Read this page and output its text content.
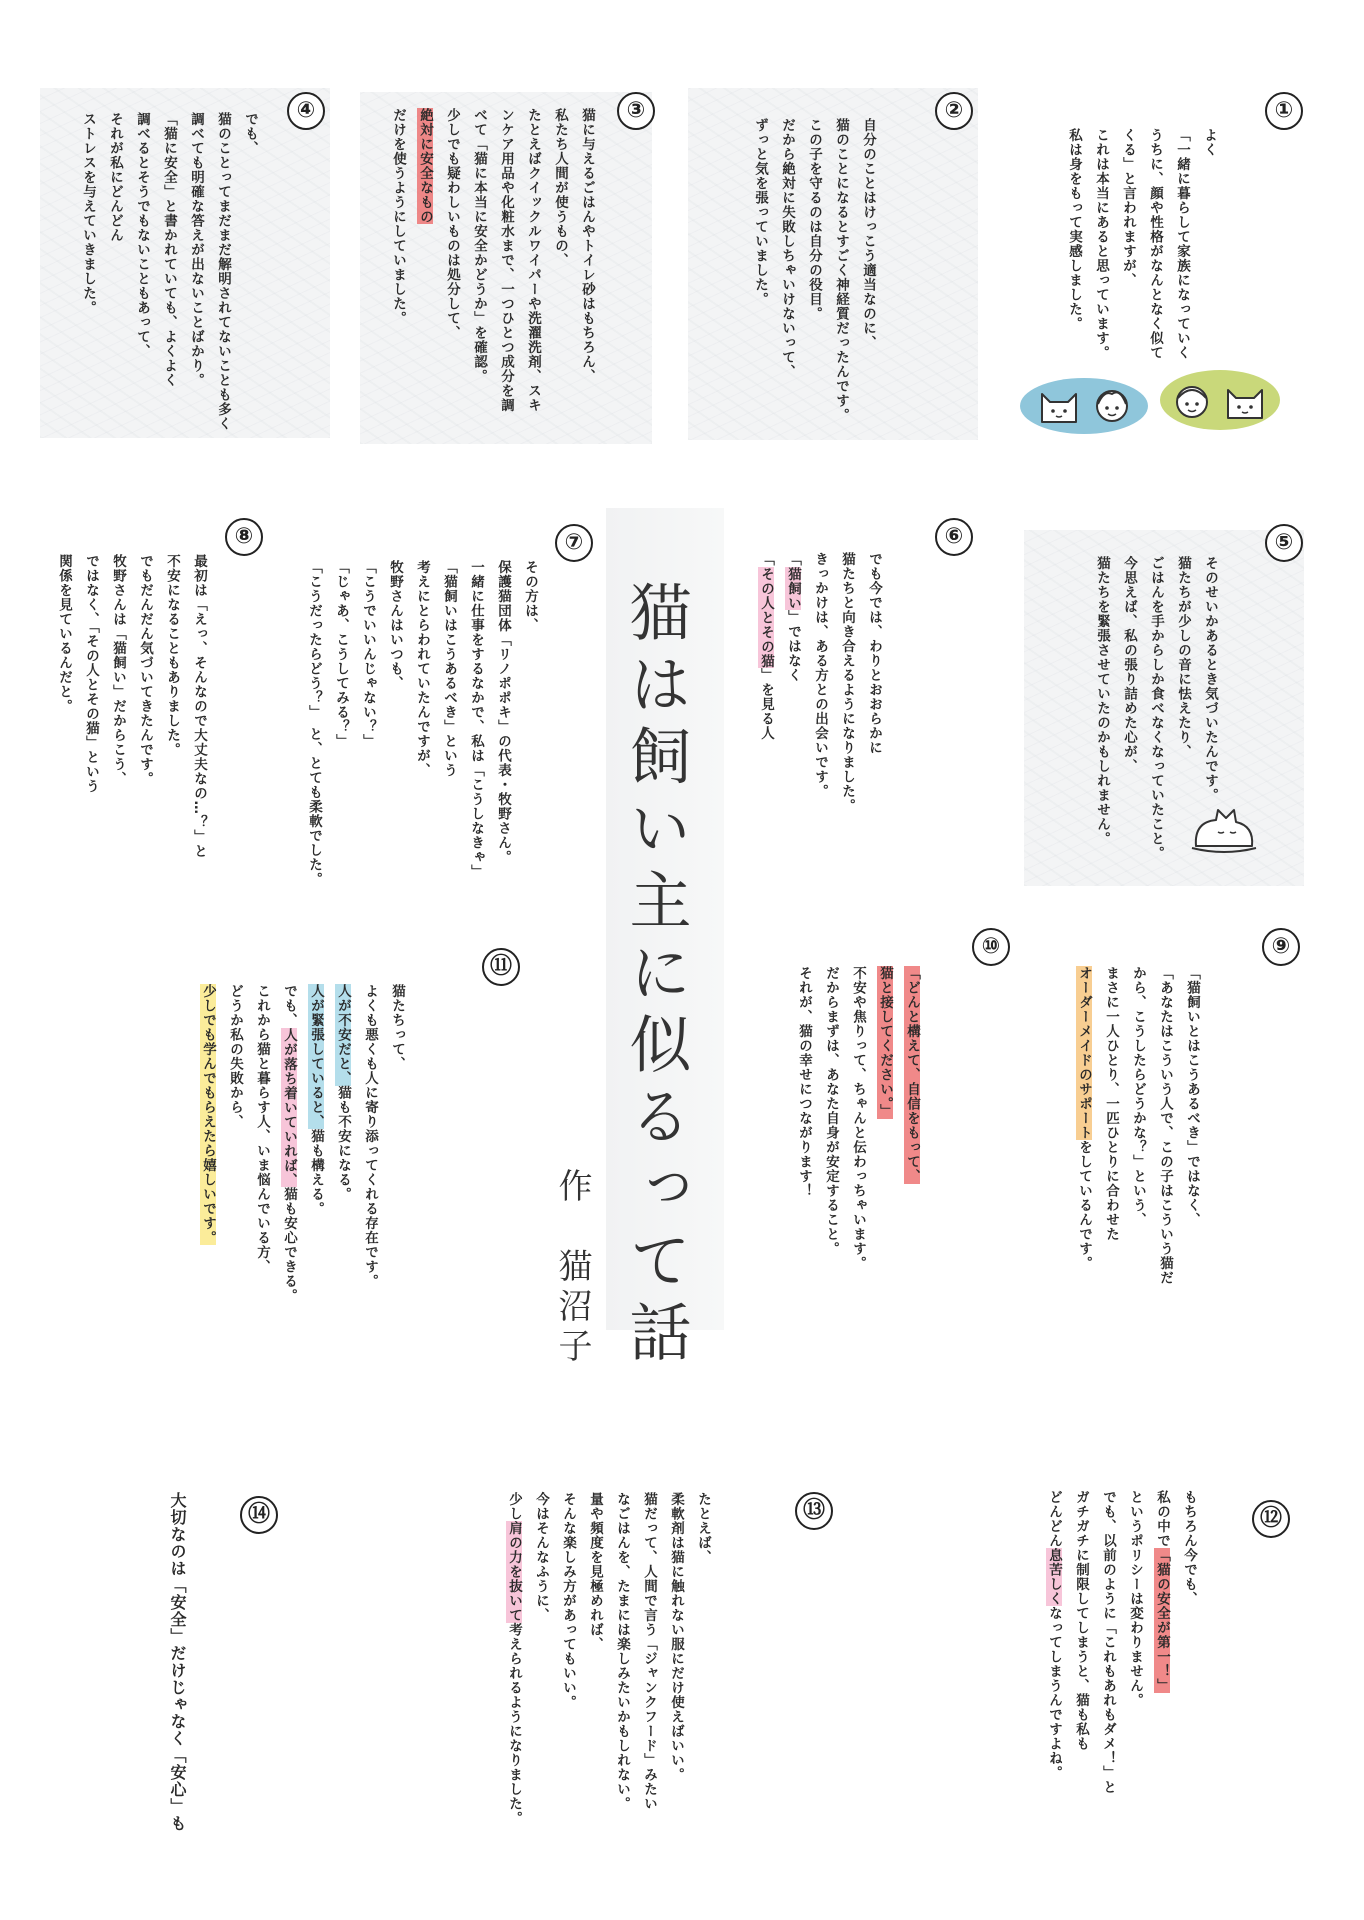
①
よく
「一緒に暮らして家族になっていく
うちに、顔や性格がなんとなく似て
くる」と言われますが、
これは本当にあると思っています。
私は身をもって実感しました。
②
自分のことはけっこう適当なのに、
猫のことになるとすごく神経質だったんです。
この子を守るのは自分の役目。
だから絶対に失敗しちゃいけないって、
ずっと気を張っていました。
③
猫に与えるごはんやトイレ砂はもちろん、
私たち人間が使うもの、
たとえばクイックルワイパーや洗濯洗剤、スキ
ンケア用品や化粧水まで、一つひとつ成分を調
べて「猫に本当に安全かどうか」を確認。
少しでも疑わしいものは処分して、
絶対に安全なもの
だけを使うようにしていました。
④
でも、
猫のことってまだまだ解明されてないことも多く
調べても明確な答えが出ないことばかり。
「猫に安全」と書かれていても、よくよく
調べるとそうでもないこともあって、
それが私にどんどん
ストレスを与えていきました。
⑤
そのせいかあるとき気づいたんです。
猫たちが少しの音に怯えたり、
ごはんを手からしか食べなくなっていたこと。
今思えば、私の張り詰めた心が、
猫たちを緊張させていたのかもしれません。
⑥
でも今では、わりとおおらかに
猫たちと向き合えるようになりました。
きっかけは、ある方との出会いです。
「猫飼い」ではなく
「その人とその猫」を見る人
猫は飼い主に似るって話
作　猫沼子
⑦
その方は、
保護猫団体「リノポポキ」の代表・牧野さん。
一緒に仕事をするなかで、私は「こうしなきゃ」
「猫飼いはこうあるべき」という
考えにとらわれていたんですが、
牧野さんはいつも、
「こうでいいんじゃない？」
「じゃあ、こうしてみる？」
「こうだったらどう？」　と、とても柔軟でした。
⑧
最初は「えっ、そんなので大丈夫なの…？」と
不安になることもありました。
でもだんだん気づいてきたんです。
牧野さんは「猫飼い」だからこう、
ではなく、「その人とその猫」という
関係を見ているんだと。
⑨
「猫飼いとはこうあるべき」ではなく、
「あなたはこういう人で、この子はこういう猫だ
から、こうしたらどうかな？」という、
まさに一人ひとり、一匹ひとりに合わせた
オーダーメイドのサポートをしているんです。
⑩
「どんと構えて、自信をもって、
猫と接してください。」
不安や焦りって、ちゃんと伝わっちゃいます。
だからまずは、あなた自身が安定すること。
それが、猫の幸せにつながります！
⑪
猫たちって、
よくも悪くも人に寄り添ってくれる存在です。
人が不安だと、猫も不安になる。
人が緊張していると、猫も構える。
でも、人が落ち着いていれば、猫も安心できる。
これから猫と暮らす人、いま悩んでいる方、
どうか私の失敗から、
少しでも学んでもらえたら嬉しいです。
⑫
もちろん今でも、
私の中で「猫の安全が第一！」
というポリシーは変わりません。
でも、以前のように「これもあれもダメ！」と
ガチガチに制限してしまうと、猫も私も
どんどん息苦しくなってしまうんですよね。
⑬
たとえば、
柔軟剤は猫に触れない服にだけ使えばいい。
猫だって、人間で言う「ジャンクフード」みたい
なごはんを、たまには楽しみたいかもしれない。
量や頻度を見極めれば、
そんな楽しみ方があってもいい。
今はそんなふうに、
少し肩の力を抜いて考えられるようになりました。
⑭
大切なのは「安全」だけじゃなく「安心」も
